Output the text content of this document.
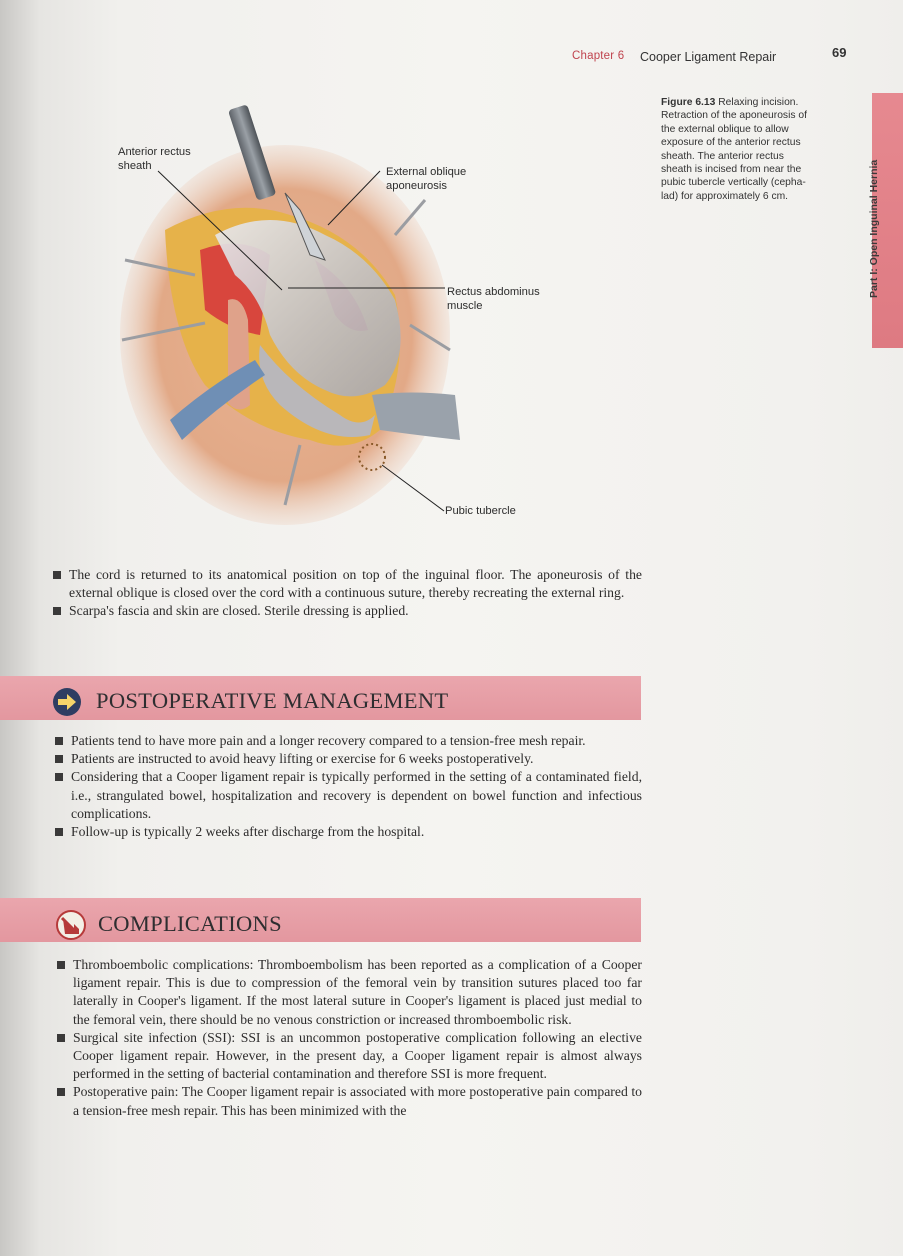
Chapter 6 Cooper Ligament Repair	69
Part I: Open Inguinal Hernia
Figure 6.13 Relaxing incision.
Retraction of the aponeurosis of
the external oblique to allow
exposure of the anterior rectus
sheath. The anterior rectus
sheath is incised from near the
pubic tubercle vertically (cepha-
lad) for approximately 6 cm.
Anterior rectus
sheath	External oblique
aponeurosis
Rectus abdominus
muscle
Pubic tubercle
The cord is returned to its anatomical position on top of the inguinal floor. The aponeurosis of the external oblique is closed over the cord with a continuous suture, thereby recreating the external ring.
Scarpa's fascia and skin are closed. Sterile dressing is applied.
POSTOPERATIVE MANAGEMENT
Patients tend to have more pain and a longer recovery compared to a tension-free mesh repair.
Patients are instructed to avoid heavy lifting or exercise for 6 weeks postoperatively.
Considering that a Cooper ligament repair is typically performed in the setting of a contaminated field, i.e., strangulated bowel, hospitalization and recovery is dependent on bowel function and infectious complications.
Follow-up is typically 2 weeks after discharge from the hospital.
COMPLICATIONS
Thromboembolic complications: Thromboembolism has been reported as a complication of a Cooper ligament repair. This is due to compression of the femoral vein by transition sutures placed too far laterally in Cooper's ligament. If the most lateral suture in Cooper's ligament is placed just medial to the femoral vein, there should be no venous constriction or increased thromboembolic risk.
Surgical site infection (SSI): SSI is an uncommon postoperative complication following an elective Cooper ligament repair. However, in the present day, a Cooper ligament repair is almost always performed in the setting of bacterial contamination and therefore SSI is more frequent.
Postoperative pain: The Cooper ligament repair is associated with more postoperative pain compared to a tension-free mesh repair. This has been minimized with the
